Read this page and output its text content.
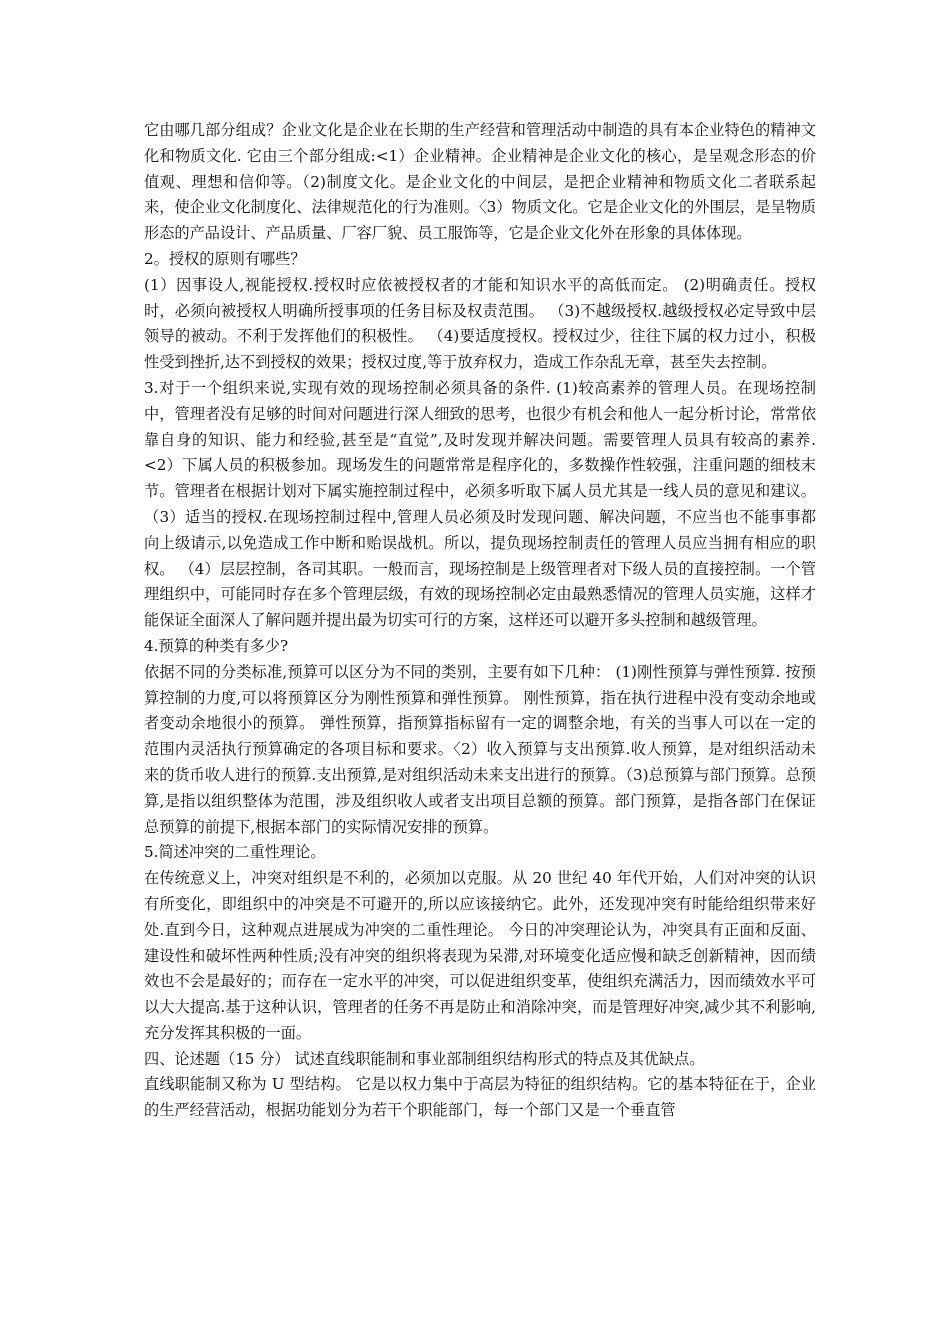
它由哪几部分组成？企业文化是企业在长期的生产经营和管理活动中制造的具有本企业特色的精神文化和物质文化. 它由三个部分组成:<1）企业精神。企业精神是企业文化的核心，是呈观念形态的价值观、理想和信仰等。（2)制度文化。是企业文化的中间层，是把企业精神和物质文化二者联系起来，使企业文化制度化、法律规范化的行为准则。〈3）物质文化。它是企业文化的外围层，是呈物质形态的产品设计、产品质量、厂容厂貌、员工服饰等，它是企业文化外在形象的具体体现。

2。授权的原则有哪些？

(1）因事设人,视能授权.授权时应依被授权者的才能和知识水平的高低而定。 (2)明确责任。授权时，必须向被授权人明确所授事项的任务目标及权责范围。 （3)不越级授权.越级授权必定导致中层领导的被动。不利于发挥他们的积极性。 （4)要适度授权。授权过少，往往下属的权力过小，积极性受到挫折,达不到授权的效果；授权过度,等于放弃权力，造成工作杂乱无章，甚至失去控制。

3.对于一个组织来说,实现有效的现场控制必须具备的条件. (1)较高素养的管理人员。在现场控制中，管理者没有足够的时间对问题进行深人细致的思考，也很少有机会和他人一起分析讨论，常常依靠自身的知识、能力和经验,甚至是“直觉”,及时发现并解决问题。需要管理人员具有较高的素养. <2）下属人员的积极参加。现场发生的问题常常是程序化的，多数操作性较强，注重问题的细枝末节。管理者在根据计划对下属实施控制过程中，必须多听取下属人员尤其是一线人员的意见和建议。 （3）适当的授权.在现场控制过程中,管理人员必须及时发现问题、解决问题，不应当也不能事事都向上级请示,以免造成工作中断和贻误战机。所以，提负现场控制责任的管理人员应当拥有相应的职权。 （4）层层控制，各司其职。一般而言，现场控制是上级管理者对下级人员的直接控制。一个管理组织中，可能同时存在多个管理层级，有效的现场控制必定由最熟悉情况的管理人员实施，这样才能保证全面深人了解问题并提出最为切实可行的方案，这样还可以避开多头控制和越级管理。

4.预算的种类有多少?

依据不同的分类标准,预算可以区分为不同的类别，主要有如下几种： (1)刚性预算与弹性预算. 按预算控制的力度,可以将预算区分为刚性预算和弹性预算。 刚性预算，指在执行进程中没有变动余地或者变动余地很小的预算。 弹性预算，指预算指标留有一定的调整余地，有关的当事人可以在一定的范围内灵活执行预算确定的各项目标和要求。〈2）收入预算与支出预算.收人预算，是对组织活动未来的货币收人进行的预算.支出预算,是对组织活动未来支出进行的预算。（3)总预算与部门预算。总预算,是指以组织整体为范围，涉及组织收人或者支出项目总额的预算。部门预算，是指各部门在保证总预算的前提下,根据本部门的实际情况安排的预算。

5.简述冲突的二重性理论。

在传统意义上，冲突对组织是不利的，必须加以克服。从 20 世纪 40 年代开始，人们对冲突的认识有所变化，即组织中的冲突是不可避开的,所以应该接纳它。此外，还发现冲突有时能给组织带来好处.直到今日，这种观点进展成为冲突的二重性理论。 今日的冲突理论认为，冲突具有正面和反面、建设性和破坏性两种性质;没有冲突的组织将表现为呆滞,对环境变化适应慢和缺乏创新精神，因而绩效也不会是最好的；而存在一定水平的冲突，可以促进组织变革，使组织充满活力，因而绩效水平可以大大提高.基于这种认识，管理者的任务不再是防止和消除冲突，而是管理好冲突,减少其不利影响,充分发挥其积极的一面。

四、论述题（15 分） 试述直线职能制和事业部制组织结构形式的特点及其优缺点。

直线职能制又称为 U 型结构。 它是以权力集中于高层为特征的组织结构。它的基本特征在于，企业的生严经营活动，根据功能划分为若干个职能部门，每一个部门又是一个垂直管
